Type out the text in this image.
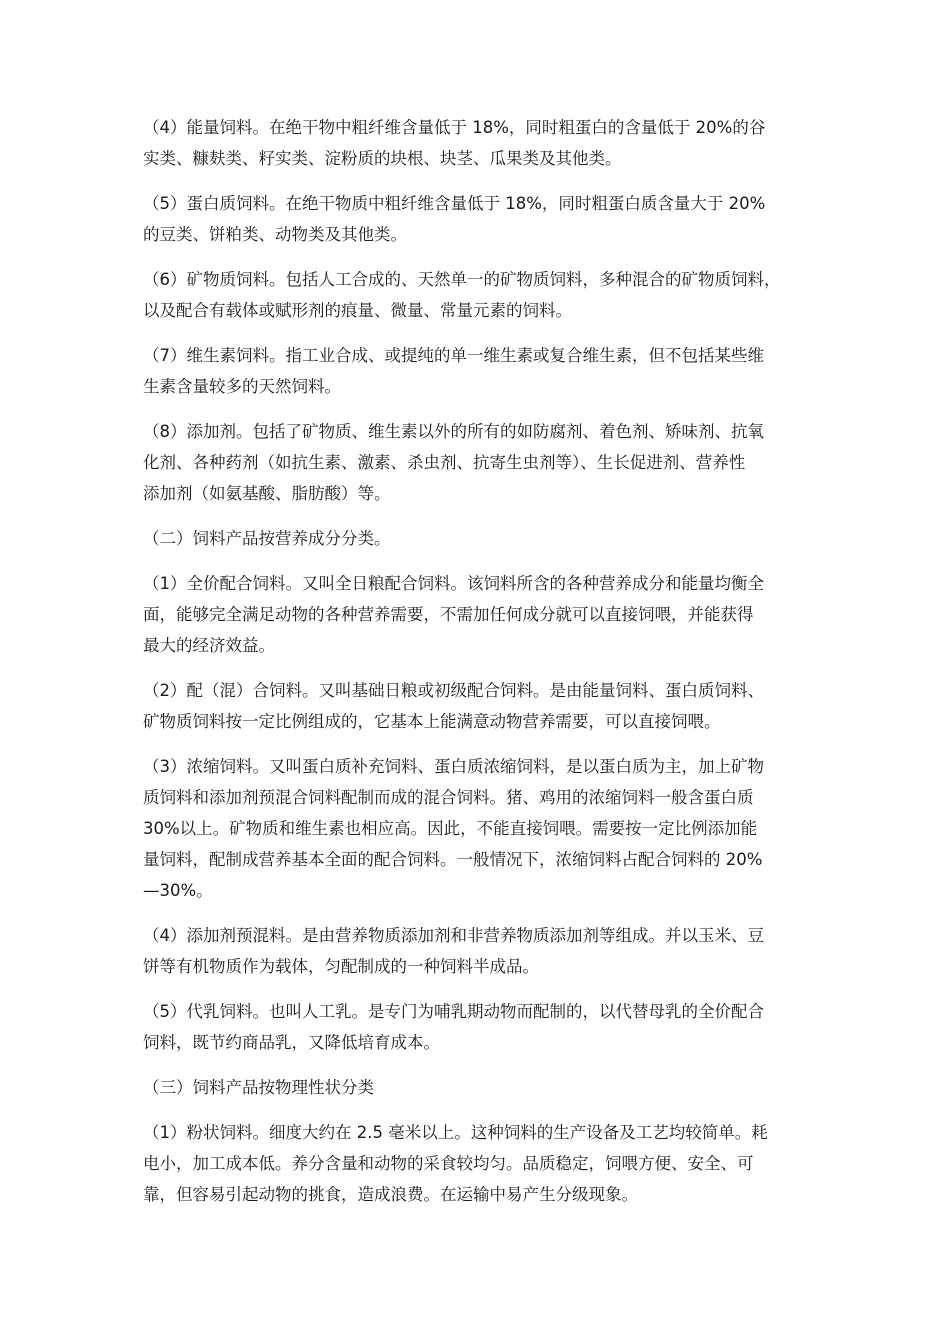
（4）能量饲料。在绝干物中粗纤维含量低于 18%，同时粗蛋白的含量低于 20%的谷
实类、糠麸类、籽实类、淀粉质的块根、块茎、瓜果类及其他类。

（5）蛋白质饲料。在绝干物质中粗纤维含量低于 18%，同时粗蛋白质含量大于 20%
的豆类、饼粕类、动物类及其他类。

（6）矿物质饲料。包括人工合成的、天然单一的矿物质饲料，多种混合的矿物质饲料，
以及配合有载体或赋形剂的痕量、微量、常量元素的饲料。

（7）维生素饲料。指工业合成、或提纯的单一维生素或复合维生素，但不包括某些维
生素含量较多的天然饲料。

（8）添加剂。包括了矿物质、维生素以外的所有的如防腐剂、着色剂、矫味剂、抗氧
化剂、各种药剂（如抗生素、激素、杀虫剂、抗寄生虫剂等）、生长促进剂、营养性
添加剂（如氨基酸、脂肪酸）等。

（二）饲料产品按营养成分分类。

（1）全价配合饲料。又叫全日粮配合饲料。该饲料所含的各种营养成分和能量均衡全
面，能够完全满足动物的各种营养需要，不需加任何成分就可以直接饲喂，并能获得
最大的经济效益。

（2）配（混）合饲料。又叫基础日粮或初级配合饲料。是由能量饲料、蛋白质饲料、
矿物质饲料按一定比例组成的，它基本上能满意动物营养需要，可以直接饲喂。

（3）浓缩饲料。又叫蛋白质补充饲料、蛋白质浓缩饲料，是以蛋白质为主，加上矿物
质饲料和添加剂预混合饲料配制而成的混合饲料。猪、鸡用的浓缩饲料一般含蛋白质
30%以上。矿物质和维生素也相应高。因此，不能直接饲喂。需要按一定比例添加能
量饲料，配制成营养基本全面的配合饲料。一般情况下，浓缩饲料占配合饲料的 20%
—30%。

（4）添加剂预混料。是由营养物质添加剂和非营养物质添加剂等组成。并以玉米、豆
饼等有机物质作为载体，匀配制成的一种饲料半成品。

（5）代乳饲料。也叫人工乳。是专门为哺乳期动物而配制的，以代替母乳的全价配合
饲料，既节约商品乳，又降低培育成本。

（三）饲料产品按物理性状分类

（1）粉状饲料。细度大约在 2.5 毫米以上。这种饲料的生产设备及工艺均较简单。耗
电小，加工成本低。养分含量和动物的采食较均匀。品质稳定，饲喂方便、安全、可
靠，但容易引起动物的挑食，造成浪费。在运输中易产生分级现象。
